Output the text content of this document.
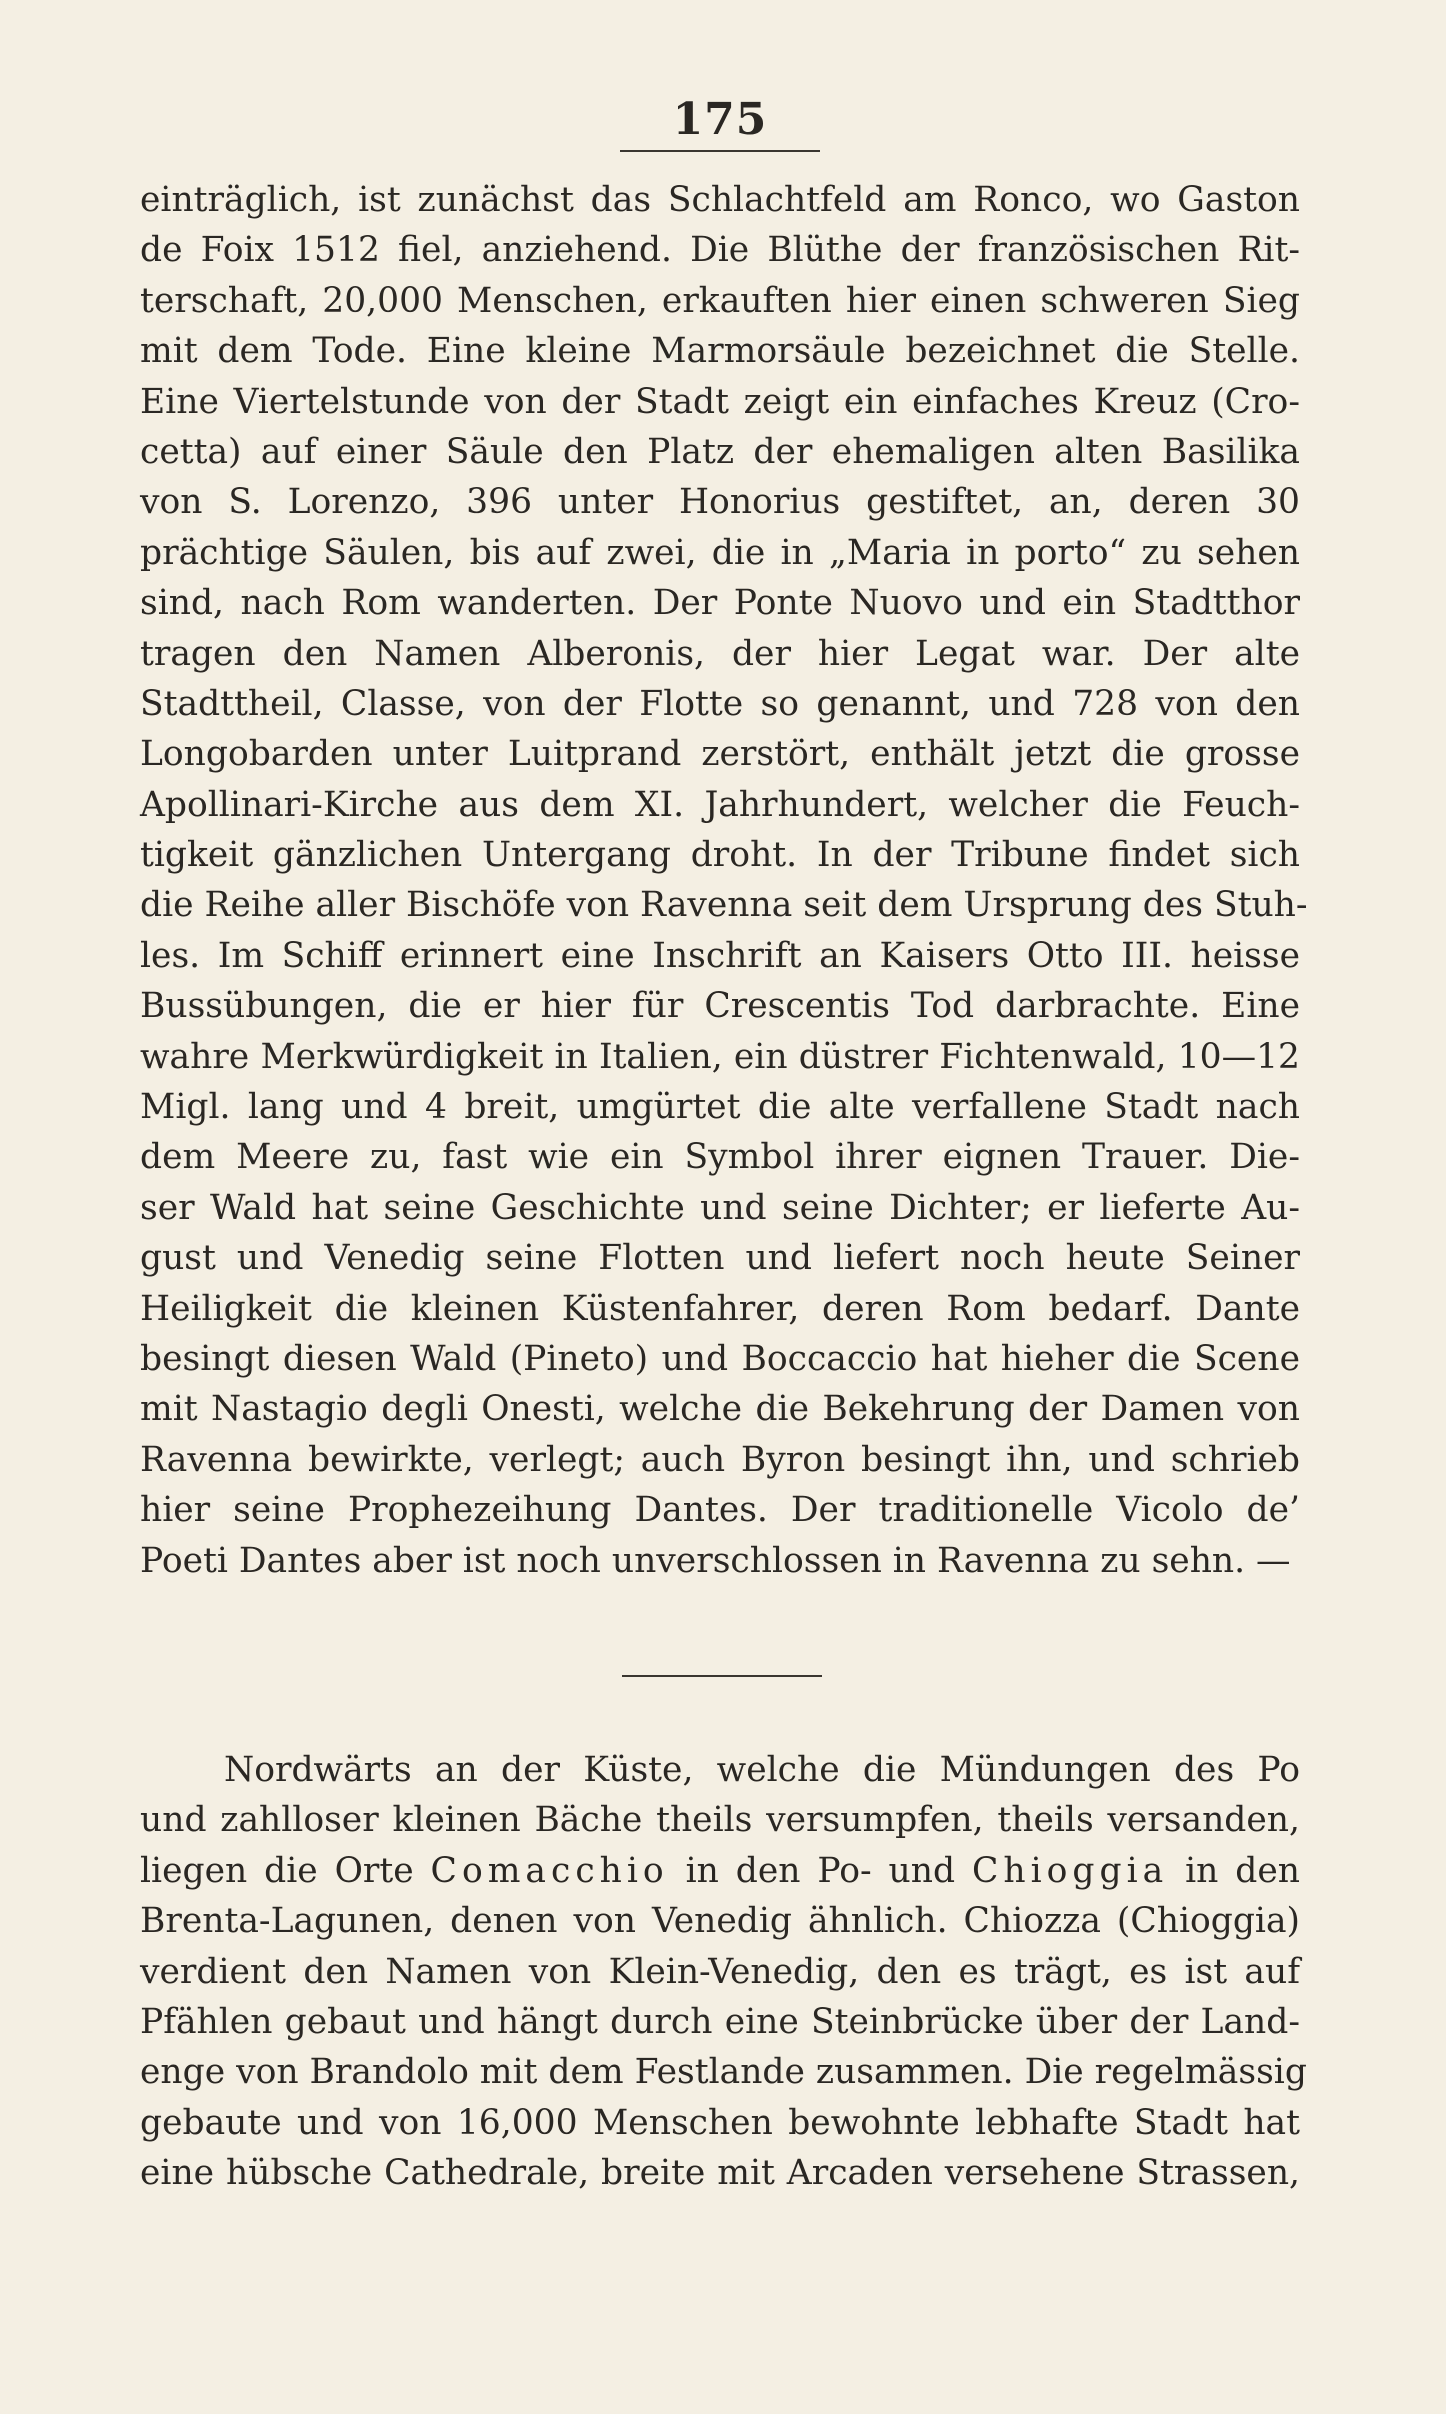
175
einträglich, ist zunächst das Schlachtfeld am Ronco, wo Gaston
de Foix 1512 fiel, anziehend. Die Blüthe der französischen Rit-
terschaft, 20,000 Menschen, erkauften hier einen schweren Sieg
mit dem Tode. Eine kleine Marmorsäule bezeichnet die Stelle.
Eine Viertelstunde von der Stadt zeigt ein einfaches Kreuz (Cro-
cetta) auf einer Säule den Platz der ehemaligen alten Basilika
von S. Lorenzo, 396 unter Honorius gestiftet, an, deren 30
prächtige Säulen, bis auf zwei, die in „Maria in porto“ zu sehen
sind, nach Rom wanderten. Der Ponte Nuovo und ein Stadtthor
tragen den Namen Alberonis, der hier Legat war. Der alte
Stadttheil, Classe, von der Flotte so genannt, und 728 von den
Longobarden unter Luitprand zerstört, enthält jetzt die grosse
Apollinari-Kirche aus dem XI. Jahrhundert, welcher die Feuch-
tigkeit gänzlichen Untergang droht. In der Tribune findet sich
die Reihe aller Bischöfe von Ravenna seit dem Ursprung des Stuh-
les. Im Schiff erinnert eine Inschrift an Kaisers Otto III. heisse
Bussübungen, die er hier für Crescentis Tod darbrachte. Eine
wahre Merkwürdigkeit in Italien, ein düstrer Fichtenwald, 10—12
Migl. lang und 4 breit, umgürtet die alte verfallene Stadt nach
dem Meere zu, fast wie ein Symbol ihrer eignen Trauer. Die-
ser Wald hat seine Geschichte und seine Dichter; er lieferte Au-
gust und Venedig seine Flotten und liefert noch heute Seiner
Heiligkeit die kleinen Küstenfahrer, deren Rom bedarf. Dante
besingt diesen Wald (Pineto) und Boccaccio hat hieher die Scene
mit Nastagio degli Onesti, welche die Bekehrung der Damen von
Ravenna bewirkte, verlegt; auch Byron besingt ihn, und schrieb
hier seine Prophezeihung Dantes. Der traditionelle Vicolo de’
Poeti Dantes aber ist noch unverschlossen in Ravenna zu sehn. —
Nordwärts an der Küste, welche die Mündungen des Po
und zahlloser kleinen Bäche theils versumpfen, theils versanden,
liegen die Orte Comacchio in den Po- und Chioggia in den
Brenta-Lagunen, denen von Venedig ähnlich. Chiozza (Chioggia)
verdient den Namen von Klein-Venedig, den es trägt, es ist auf
Pfählen gebaut und hängt durch eine Steinbrücke über der Land-
enge von Brandolo mit dem Festlande zusammen. Die regelmässig
gebaute und von 16,000 Menschen bewohnte lebhafte Stadt hat
eine hübsche Cathedrale, breite mit Arcaden versehene Strassen,
